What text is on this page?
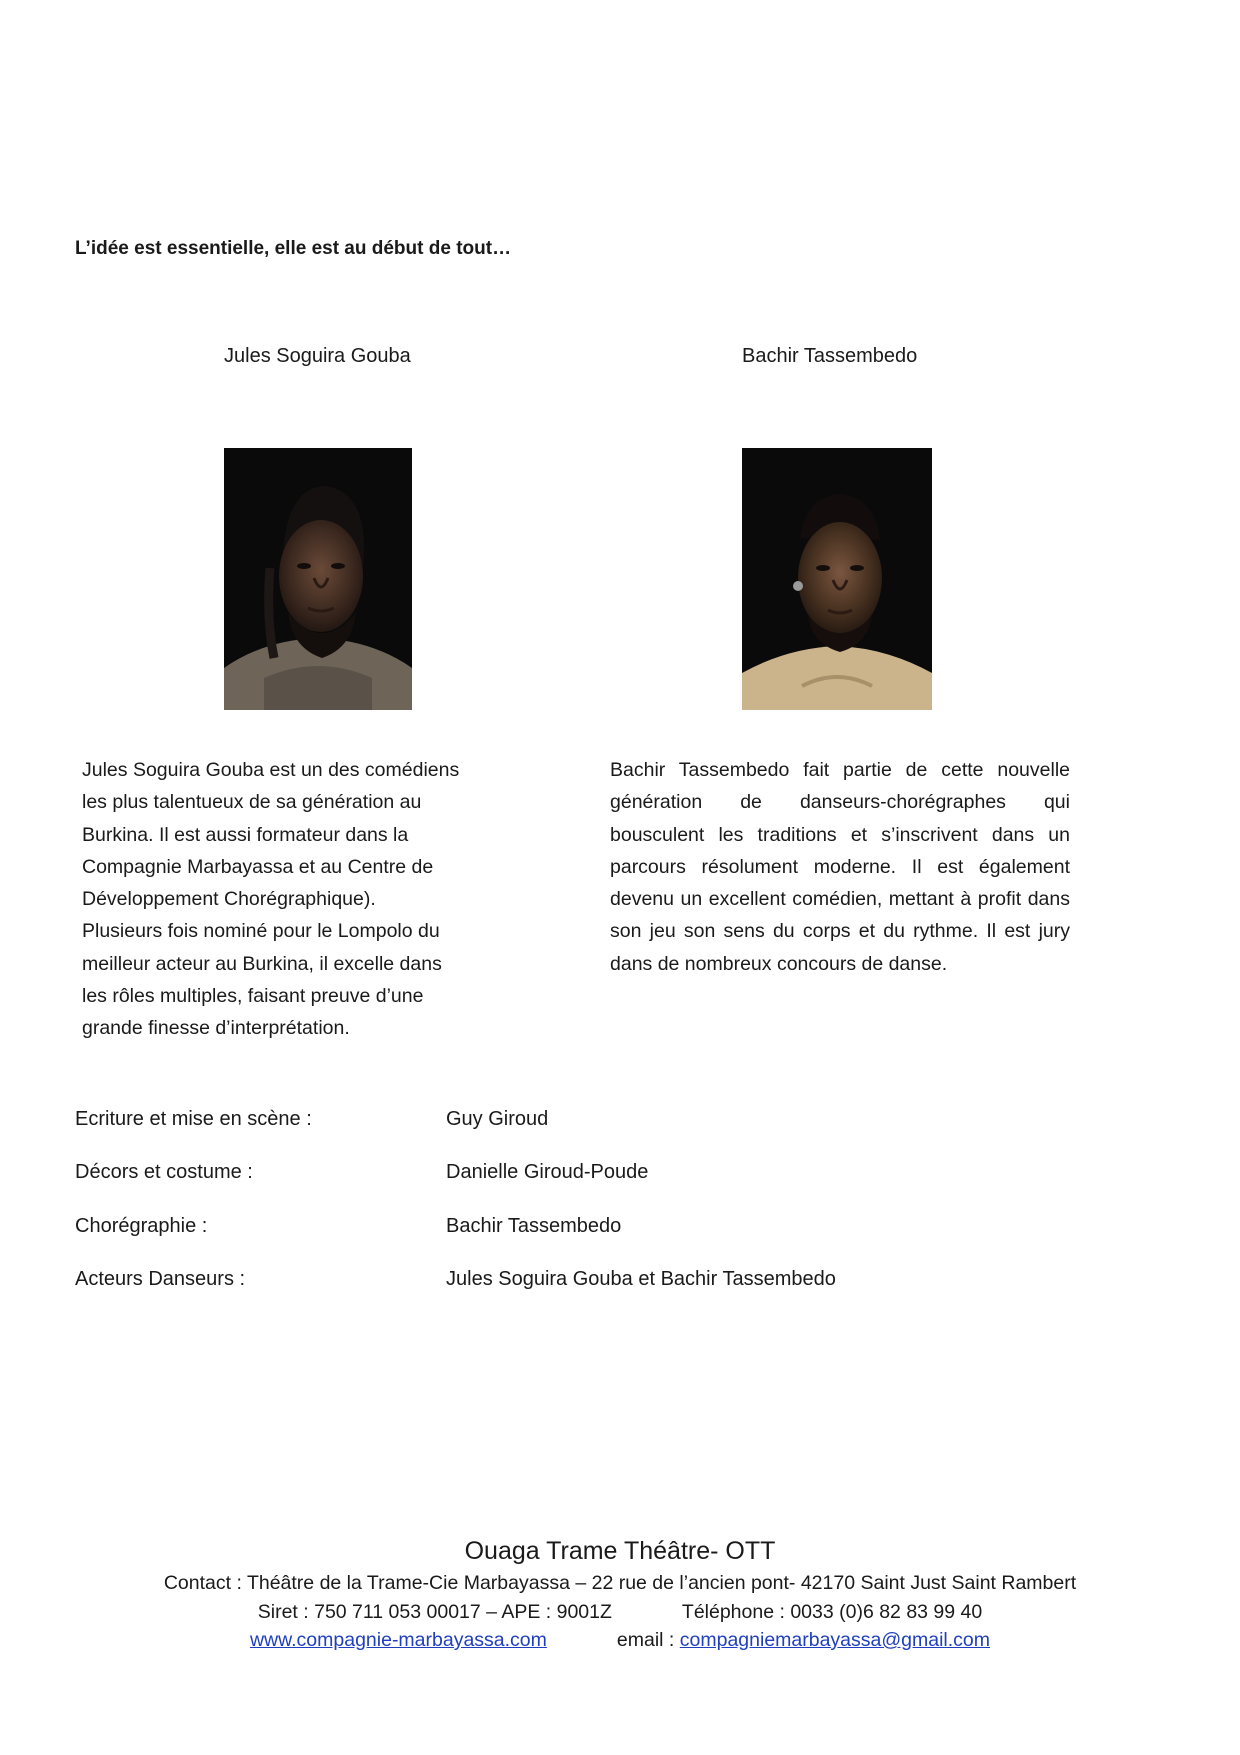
L’idée est essentielle, elle est au début de tout…
Jules Soguira Gouba	Bachir Tassembedo
Jules Soguira Gouba est un des comédiens
les plus talentueux de sa génération au
Burkina. Il est aussi formateur dans la
Compagnie Marbayassa et au Centre de
Développement Chorégraphique).
Plusieurs fois nominé pour le Lompolo du
meilleur acteur au Burkina, il excelle dans
les rôles multiples, faisant preuve d’une
grande finesse d’interprétation.
Bachir Tassembedo fait partie de cette nouvelle génération de danseurs-chorégraphes qui bousculent les traditions et s’inscrivent dans un parcours résolument moderne. Il est également devenu un excellent comédien, mettant à profit dans son jeu son sens du corps et du rythme. Il est jury dans de nombreux concours de danse.
Ecriture et mise en scène :	Guy Giroud
Décors et costume :	Danielle Giroud-Poude
Chorégraphie :	Bachir Tassembedo
Acteurs Danseurs :	Jules Soguira Gouba et Bachir Tassembedo
Ouaga Trame Théâtre- OTT
Contact : Théâtre de la Trame-Cie Marbayassa – 22 rue de l’ancien pont- 42170 Saint Just Saint Rambert
Siret : 750 711 053 00017 – APE : 9001Z	Téléphone : 0033 (0)6 82 83 99 40
www.compagnie-marbayassa.com	email : compagniemarbayassa@gmail.com
